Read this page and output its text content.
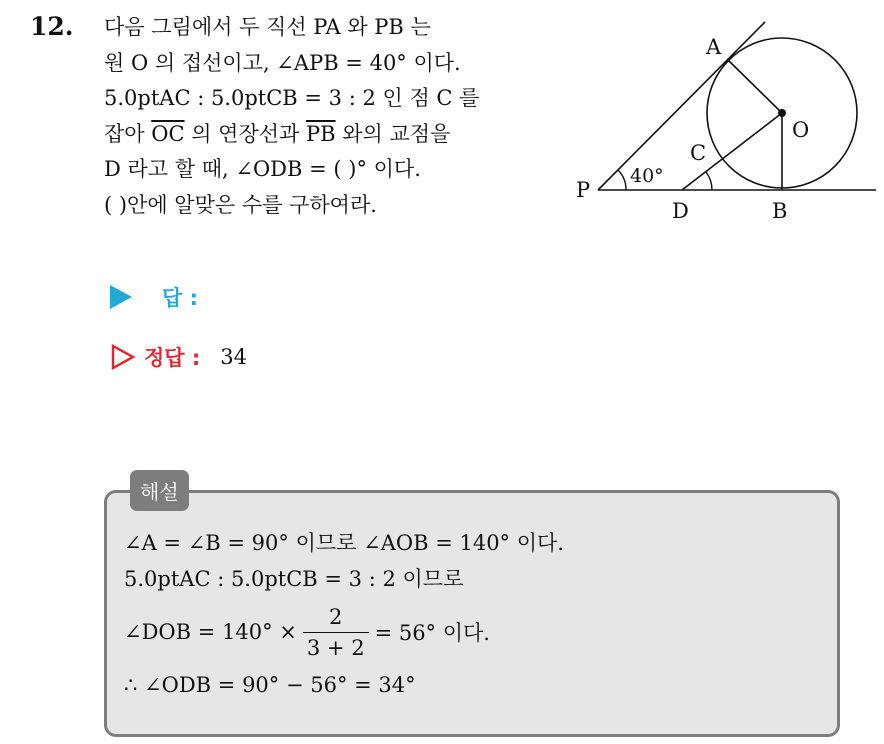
12. 다음 그림에서 두 직선 PA 와 PB 는
원 O 의 접선이고, ∠APB = 40° 이다.
5.0ptAC : 5.0ptCB = 3 : 2 인 점 C 를
잡아 $\overline{OC}$ 의 연장선과 $\overline{PB}$ 와의 교점을
D 라고 할 때, ∠ODB = ( )° 이다.
( )안에 알맞은 수를 구하여라.
A
O
C
P
D	B
40°
답 :
정답 : 34
해설
∠A = ∠B = 90° 이므로 ∠AOB = 140° 이다.
5.0ptAC : 5.0ptCB = 3 : 2 이므로
∠DOB = $140^\circ \times \frac{2}{3 + 2} = 56^\circ$ 이다.
∴ ∠ODB = 90° − 56° = 34°
